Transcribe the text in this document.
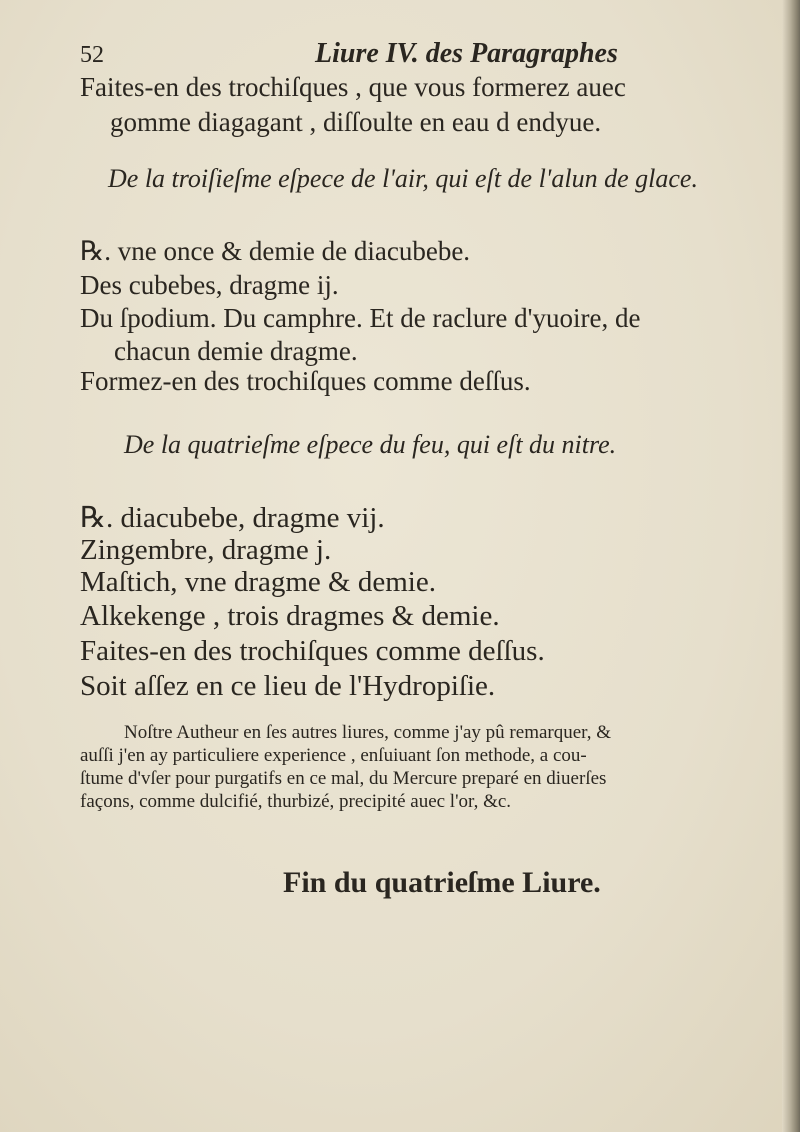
52	Liure IV. des Paragraphes
Faites-en des trochiſques , que vous formerez auec
gomme diagagant , diſſoulte en eau d endyue.
De la troiſieſme eſpece de l'air, qui eſt de l'alun de glace.
℞. vne once & demie de diacubebe.
Des cubebes, dragme ij.
Du ſpodium. Du camphre. Et de raclure d'yuoire, de
chacun demie dragme.
Formez-en des trochiſques comme deſſus.
De la quatrieſme eſpece du feu, qui eſt du nitre.
℞. diacubebe, dragme vij.
Zingembre, dragme j.
Maſtich, vne dragme & demie.
Alkekenge , trois dragmes & demie.
Faites-en des trochiſques comme deſſus.
Soit aſſez en ce lieu de l'Hydropiſie.
Noſtre Autheur en ſes autres liures, comme j'ay pû remarquer, &
auſſi j'en ay particuliere experience , enſuiuant ſon methode, a cou-
ſtume d'vſer pour purgatifs en ce mal, du Mercure preparé en diuerſes
façons, comme dulcifié, thurbizé, precipité auec l'or, &c.
Fin du quatrieſme Liure.
